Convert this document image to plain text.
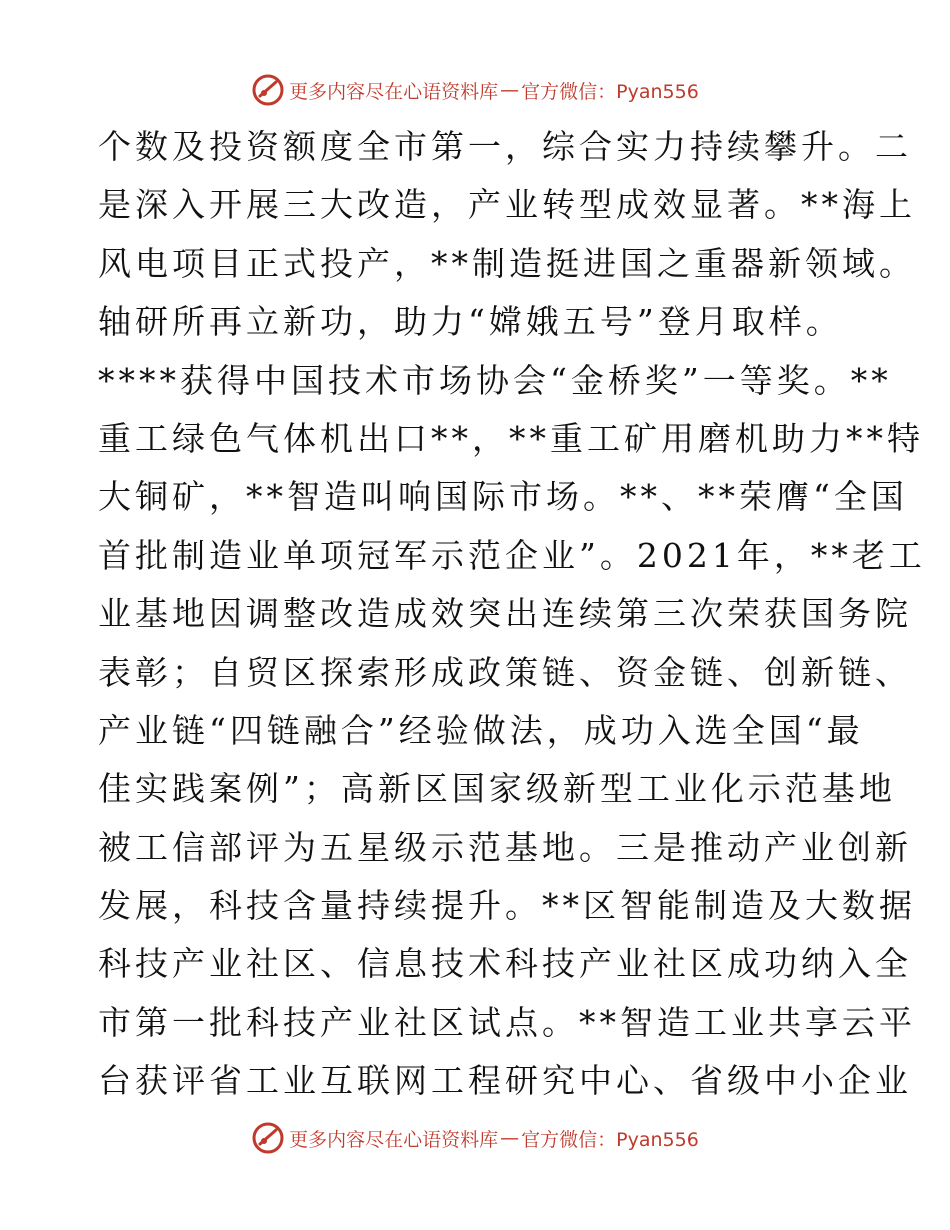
更多内容尽在心语资料库 — 官方微信：Pyan556
个数及投资额度全市第一，综合实力持续攀升。二
是深入开展三大改造，产业转型成效显著。**海上
风电项目正式投产，**制造挺进国之重器新领域。
轴研所再立新功，助力“嫦娥五号”登月取样。
****获得中国技术市场协会“金桥奖”一等奖。**
重工绿色气体机出口**，**重工矿用磨机助力**特
大铜矿，**智造叫响国际市场。**、**荣膺“全国
首批制造业单项冠军示范企业”。2021年，**老工
业基地因调整改造成效突出连续第三次荣获国务院
表彰；自贸区探索形成政策链、资金链、创新链、
产业链“四链融合”经验做法，成功入选全国“最
佳实践案例”；高新区国家级新型工业化示范基地
被工信部评为五星级示范基地。三是推动产业创新
发展，科技含量持续提升。**区智能制造及大数据
科技产业社区、信息技术科技产业社区成功纳入全
市第一批科技产业社区试点。**智造工业共享云平
台获评省工业互联网工程研究中心、省级中小企业
更多内容尽在心语资料库 — 官方微信：Pyan556
